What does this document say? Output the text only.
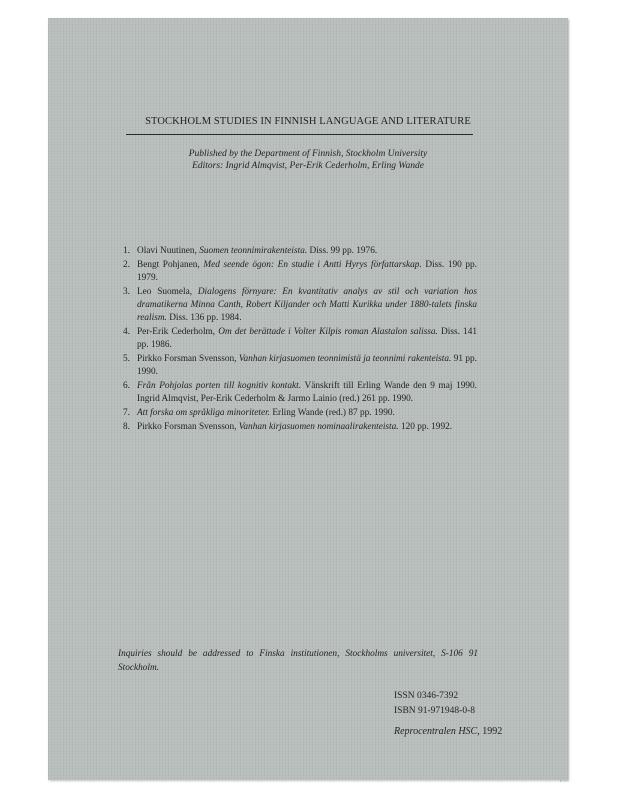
STOCKHOLM STUDIES IN FINNISH LANGUAGE AND LITERATURE
Published by the Department of Finnish, Stockholm University
Editors: Ingrid Almqvist, Per-Erik Cederholm, Erling Wande
1. Olavi Nuutinen, Suomen teonnimirakenteista. Diss. 99 pp. 1976.
2. Bengt Pohjanen, Med seende ögon: En studie i Antti Hyrys författarskap. Diss. 190 pp. 1979.
3. Leo Suomela, Dialogens förnyare: En kvantitativ analys av stil och variation hos dramatikerna Minna Canth, Robert Kiljander och Matti Kurikka under 1880-talets finska realism. Diss. 136 pp. 1984.
4. Per-Erik Cederholm, Om det berättade i Volter Kilpis roman Alastalon salissa. Diss. 141 pp. 1986.
5. Pirkko Forsman Svensson, Vanhan kirjasuomen teonnimistä ja teonnimi rakenteista. 91 pp. 1990.
6. Från Pohjolas porten till kognitiv kontakt. Vänskrift till Erling Wande den 9 maj 1990. Ingrid Almqvist, Per-Erik Cederholm & Jarmo Lainio (red.) 261 pp. 1990.
7. Att forska om språkliga minoriteter. Erling Wande (red.) 87 pp. 1990.
8. Pirkko Forsman Svensson, Vanhan kirjasuomen nominaalirakenteista. 120 pp. 1992.
Inquiries should be addressed to Finska institutionen, Stockholms universitet, S-106 91 Stockholm.
ISSN 0346-7392
ISBN 91-971948-0-8
Reprocentralen HSC, 1992
